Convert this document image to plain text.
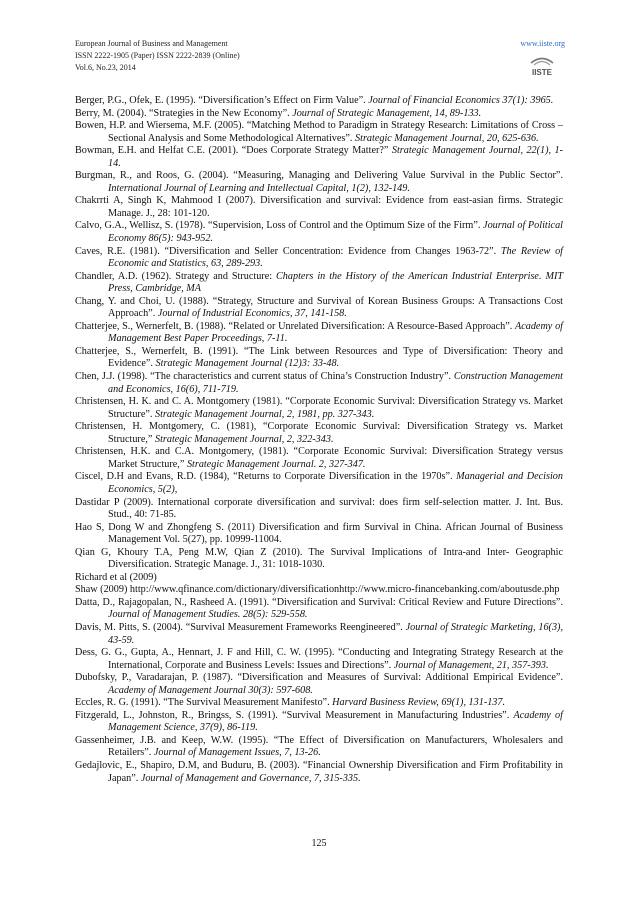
European Journal of Business and Management
ISSN 2222-1905 (Paper) ISSN 2222-2839 (Online)
Vol.6, No.23, 2014
www.iiste.org
IISTE

Berger, P.G., Ofek, E. (1995). “Diversification’s Effect on Firm Value”. Journal of Financial Economics 37(1): 3965.

Berry, M. (2004). “Strategies in the New Economy”. Journal of Strategic Management, 14, 89-133.

Bowen, H.P. and Wiersema, M.F. (2005). “Matching Method to Paradigm in Strategy Research: Limitations of Cross – Sectional Analysis and Some Methodological Alternatives”. Strategic Management Journal, 20, 625-636.

Bowman, E.H. and Helfat C.E. (2001). “Does Corporate Strategy Matter?” Strategic Management Journal, 22(1), 1-14.

Burgman, R., and Roos, G. (2004). “Measuring, Managing and Delivering Value Survival in the Public Sector”. International Journal of Learning and Intellectual Capital, 1(2), 132-149.

Chakrrti A, Singh K, Mahmood I (2007). Diversification and survival: Evidence from east-asian firms. Strategic Manage. J., 28: 101-120.

Calvo, G.A., Wellisz, S. (1978). “Supervision, Loss of Control and the Optimum Size of the Firm”. Journal of Political Economy 86(5): 943-952.

Caves, R.E. (1981). “Diversification and Seller Concentration: Evidence from Changes 1963-72”. The Review of Economic and Statistics, 63, 289-293.

Chandler, A.D. (1962). Strategy and Structure: Chapters in the History of the American Industrial Enterprise. MIT Press, Cambridge, MA

Chang, Y. and Choi, U. (1988). “Strategy, Structure and Survival of Korean Business Groups: A Transactions Cost Approach”. Journal of Industrial Economics, 37, 141-158.

Chatterjee, S., Wernerfelt, B. (1988). “Related or Unrelated Diversification: A Resource-Based Approach”. Academy of Management Best Paper Proceedings, 7-11.

Chatterjee, S., Wernerfelt, B. (1991). “The Link between Resources and Type of Diversification: Theory and Evidence”. Strategic Management Journal (12)3: 33-48.

Chen, J.J. (1998). “The characteristics and current status of China’s Construction Industry”. Construction Management and Economics, 16(6), 711-719.

Christensen, H. K. and C. A. Montgomery (1981). “Corporate Economic Survival: Diversification Strategy vs. Market Structure”. Strategic Management Journal, 2, 1981, pp. 327-343.

Christensen, H. Montgomery, C. (1981), “Corporate Economic Survival: Diversification Strategy vs. Market Structure,” Strategic Management Journal, 2, 322-343.

Christensen, H.K. and C.A. Montgomery, (1981). “Corporate Economic Survival: Diversification Strategy versus Market Structure,” Strategic Management Journal. 2, 327-347.

Ciscel, D.H and Evans, R.D. (1984), “Returns to Corporate Diversification in the 1970s”. Managerial and Decision Economics, 5(2),

Dastidar P (2009). International corporate diversification and survival: does firm self-selection matter. J. Int. Bus. Stud., 40: 71-85.

Hao S, Dong W and Zhongfeng S. (2011) Diversification and firm Survival in China. African Journal of Business Management Vol. 5(27), pp. 10999-11004.

Qian G, Khoury T.A, Peng M.W, Qian Z (2010). The Survival Implications of Intra-and Inter- Geographic Diversification. Strategic Manage. J., 31: 1018-1030.

Richard et al (2009)

Shaw (2009) http://www.qfinance.com/dictionary/diversificationhttp://www.micro-financebanking.com/aboutusde.php

Datta, D., Rajagopalan, N., Rasheed A. (1991). “Diversification and Survival: Critical Review and Future Directions”. Journal of Management Studies. 28(5): 529-558.

Davis, M. Pitts, S. (2004). “Survival Measurement Frameworks Reengineered”. Journal of Strategic Marketing, 16(3), 43-59.

Dess, G. G., Gupta, A., Hennart, J. F and Hill, C. W. (1995). “Conducting and Integrating Strategy Research at the International, Corporate and Business Levels: Issues and Directions”. Journal of Management, 21, 357-393.

Dubofsky, P., Varadarajan, P. (1987). “Diversification and Measures of Survival: Additional Empirical Evidence”. Academy of Management Journal 30(3): 597-608.

Eccles, R. G. (1991). “The Survival Measurement Manifesto”. Harvard Business Review, 69(1), 131-137.

Fitzgerald, L., Johnston, R., Bringss, S. (1991). “Survival Measurement in Manufacturing Industries”. Academy of Management Science, 37(9), 86-119.

Gassenheimer, J.B. and Keep, W.W. (1995). “The Effect of Diversification on Manufacturers, Wholesalers and Retailers”. Journal of Management Issues, 7, 13-26.

Gedajlovic, E., Shapiro, D.M, and Buduru, B. (2003). “Financial Ownership Diversification and Firm Profitability in Japan”. Journal of Management and Governance, 7, 315-335.

125
